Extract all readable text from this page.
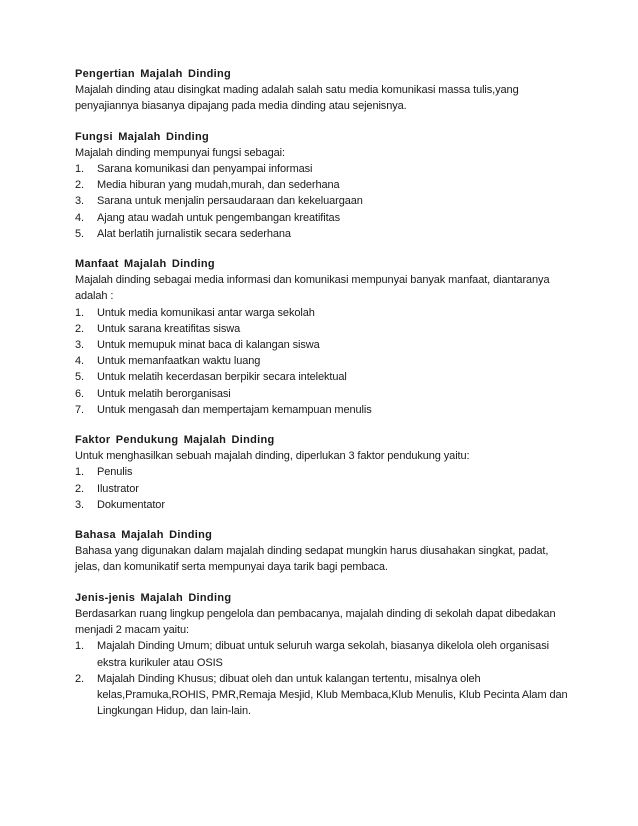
Pengertian Majalah Dinding

Majalah dinding atau disingkat mading adalah salah satu media komunikasi massa tulis,yang penyajiannya biasanya dipajang pada media dinding atau sejenisnya.

Fungsi Majalah Dinding

Majalah dinding mempunyai fungsi sebagai:

1.	Sarana komunikasi dan penyampai informasi
2.	Media hiburan yang mudah,murah, dan sederhana
3.	Sarana untuk menjalin persaudaraan dan kekeluargaan
4.	Ajang atau wadah untuk pengembangan kreatifitas
5.	Alat berlatih jurnalistik secara sederhana

Manfaat Majalah Dinding

Majalah dinding sebagai media informasi dan komunikasi mempunyai banyak manfaat, diantaranya adalah :

1.	Untuk media komunikasi antar warga sekolah
2.	Untuk sarana kreatifitas siswa
3.	Untuk memupuk minat baca di kalangan siswa
4.	Untuk memanfaatkan waktu luang
5.	Untuk melatih kecerdasan berpikir secara intelektual
6.	Untuk melatih berorganisasi
7.	Untuk mengasah dan mempertajam kemampuan menulis

Faktor Pendukung Majalah Dinding

Untuk menghasilkan sebuah majalah dinding, diperlukan 3 faktor pendukung yaitu:

1.	Penulis
2.	Ilustrator
3.	Dokumentator

Bahasa Majalah Dinding

Bahasa yang digunakan dalam majalah dinding sedapat mungkin harus diusahakan singkat, padat, jelas, dan komunikatif serta mempunyai daya tarik bagi pembaca.

Jenis-jenis Majalah Dinding

Berdasarkan ruang lingkup pengelola dan pembacanya, majalah dinding di sekolah dapat dibedakan menjadi 2 macam yaitu:

1.	Majalah Dinding Umum; dibuat untuk seluruh warga sekolah, biasanya dikelola oleh organisasi ekstra kurikuler atau OSIS
2.	Majalah Dinding Khusus; dibuat oleh dan untuk kalangan tertentu, misalnya oleh kelas,Pramuka,ROHIS, PMR,Remaja Mesjid, Klub Membaca,Klub Menulis, Klub Pecinta Alam dan Lingkungan Hidup, dan lain-lain.
